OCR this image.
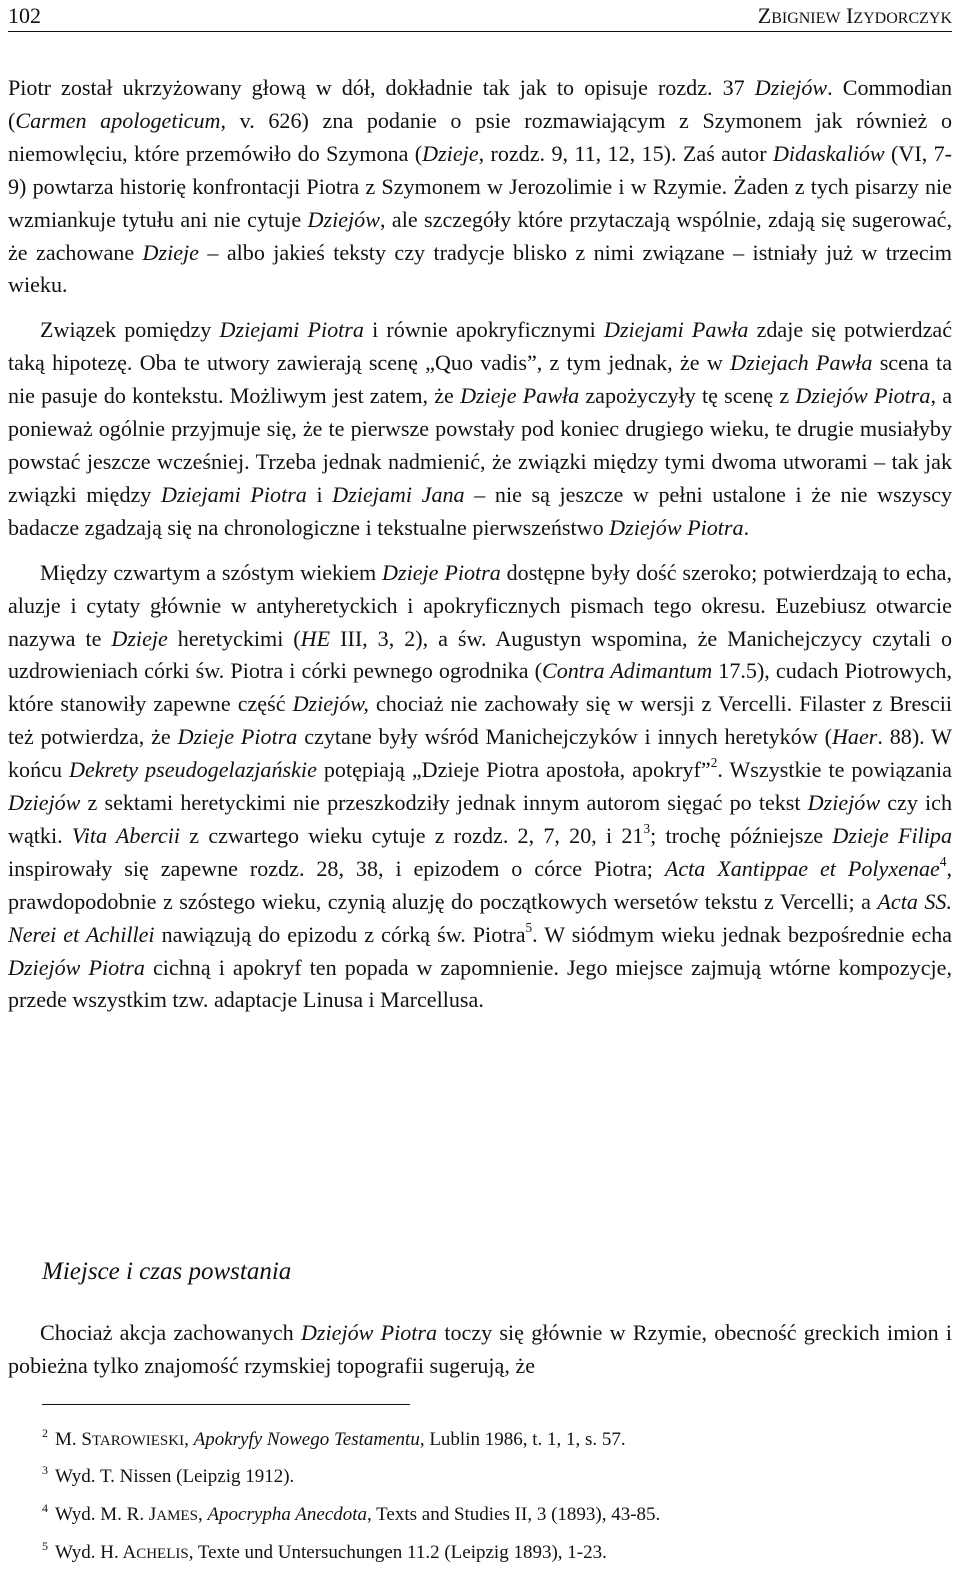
102	ZBIGNIEW IZYDORCZYK

Piotr został ukrzyżowany głową w dół, dokładnie tak jak to opisuje rozdz. 37 Dziejów. Commodian (Carmen apologeticum, v. 626) zna podanie o psie rozmawiającym z Szymonem jak również o niemowlęciu, które przemówiło do Szymona (Dzieje, rozdz. 9, 11, 12, 15). Zaś autor Didaskaliów (VI, 7-9) powtarza historię konfrontacji Piotra z Szymonem w Jerozolimie i w Rzymie. Żaden z tych pisarzy nie wzmiankuje tytułu ani nie cytuje Dziejów, ale szczegóły które przytaczają wspólnie, zdają się sugerować, że zachowane Dzieje – albo jakieś teksty czy tradycje blisko z nimi związane – istniały już w trzecim wieku.

Związek pomiędzy Dziejami Piotra i równie apokryficznymi Dziejami Pawła zdaje się potwierdzać taką hipotezę. Oba te utwory zawierają scenę „Quo vadis”, z tym jednak, że w Dziejach Pawła scena ta nie pasuje do kontekstu. Możliwym jest zatem, że Dzieje Pawła zapożyczyły tę scenę z Dziejów Piotra, a ponieważ ogólnie przyjmuje się, że te pierwsze powstały pod koniec drugiego wieku, te drugie musiałyby powstać jeszcze wcześniej. Trzeba jednak nadmienić, że związki między tymi dwoma utworami – tak jak związki między Dziejami Piotra i Dziejami Jana – nie są jeszcze w pełni ustalone i że nie wszyscy badacze zgadzają się na chronologiczne i tekstualne pierwszeństwo Dziejów Piotra.

Między czwartym a szóstym wiekiem Dzieje Piotra dostępne były dość szeroko; potwierdzają to echa, aluzje i cytaty głównie w antyheretyckich i apokryficznych pismach tego okresu. Euzebiusz otwarcie nazywa te Dzieje heretyckimi (HE III, 3, 2), a św. Augustyn wspomina, że Manichejczycy czytali o uzdrowieniach córki św. Piotra i córki pewnego ogrodnika (Contra Adimantum 17.5), cudach Piotrowych, które stanowiły zapewne część Dziejów, chociaż nie zachowały się w wersji z Vercelli. Filaster z Brescii też potwierdza, że Dzieje Piotra czytane były wśród Manichejczyków i innych heretyków (Haer. 88). W końcu Dekrety pseudogelazjańskie potępiają „Dzieje Piotra apostoła, apokryf”$^2$. Wszystkie te powiązania Dziejów z sektami heretyckimi nie przeszkodziły jednak innym autorom sięgać po tekst Dziejów czy ich wątki. Vita Abercii z czwartego wieku cytuje z rozdz. 2, 7, 20, i $21^3$; trochę późniejsze Dzieje Filipa inspirowały się zapewne rozdz. 28, 38, i epizodem o córce Piotra; Acta Xantippae et Polyxenae$^4$, prawdopodobnie z szóstego wieku, czynią aluzję do początkowych wersetów tekstu z Vercelli; a Acta SS. Nerei et Achillei nawiązują do epizodu z córką św. Piotra$^5$. W siódmym wieku jednak bezpośrednie echa Dziejów Piotra cichną i apokryf ten popada w zapomnienie. Jego miejsce zajmują wtórne kompozycje, przede wszystkim tzw. adaptacje Linusa i Marcellusa.

Miejsce i czas powstania

Chociaż akcja zachowanych Dziejów Piotra toczy się głównie w Rzymie, obecność greckich imion i pobieżna tylko znajomość rzymskiej topografii sugerują, że

$^2$ M. STAROWIESKI, Apokryfy Nowego Testamentu, Lublin 1986, t. 1, 1, s. 57.
$^3$ Wyd. T. Nissen (Leipzig 1912).
$^4$ Wyd. M. R. JAMES, Apocrypha Anecdota, Texts and Studies II, 3 (1893), 43-85.
$^5$ Wyd. H. ACHELIS, Texte und Untersuchungen 11.2 (Leipzig 1893), 1-23.
